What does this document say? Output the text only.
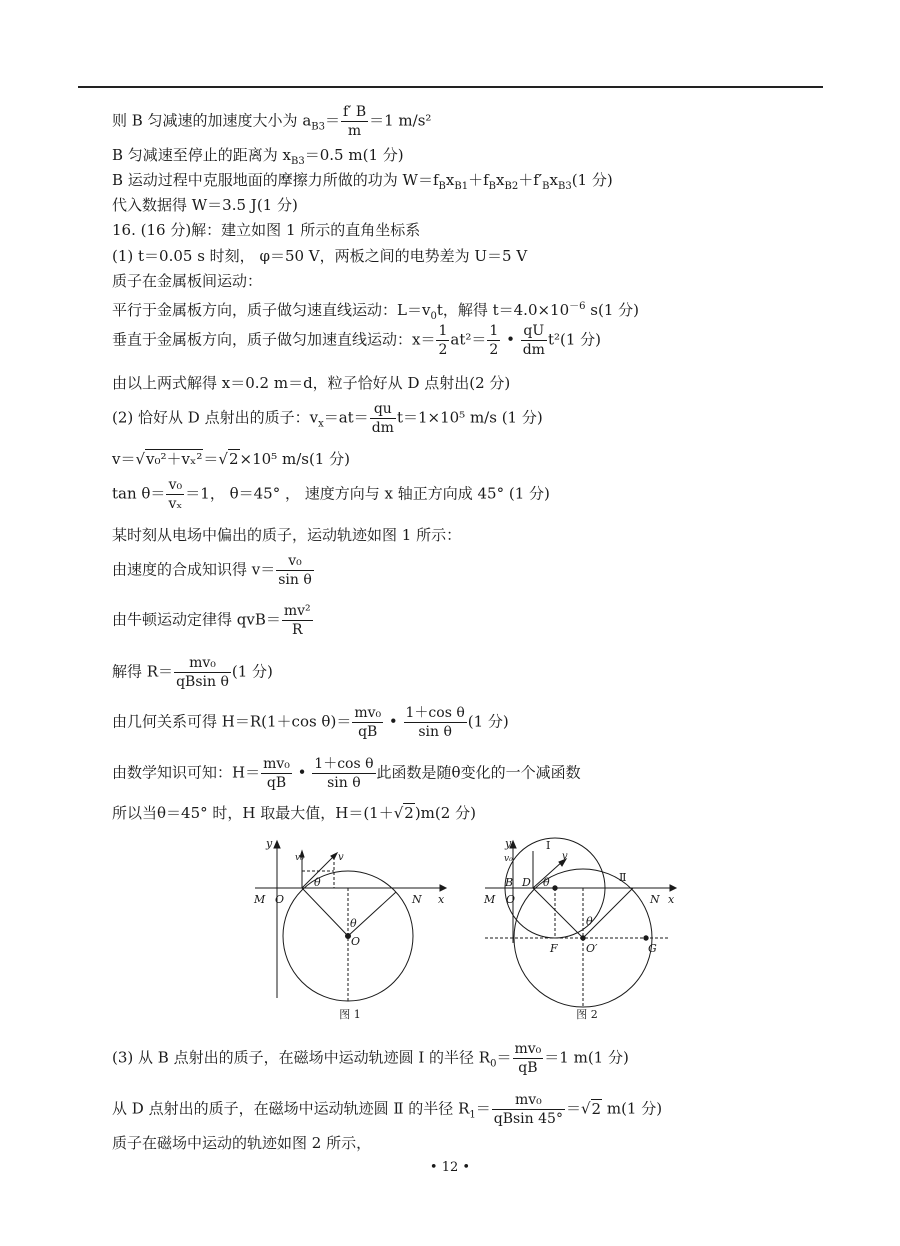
则 B 匀减速的加速度大小为 $a_{B3}= \frac{f' B}{m} =1$ m/s²
B 匀减速至停止的距离为 $x_{B3}=0.5$ m(1 分)
B 运动过程中克服地面的摩擦力所做的功为 $W=f_Bx_{B1}+f_Bx_{B2}+f'_Bx_{B3}(1$ 分)
代入数据得 W＝3.5 J(1 分)
16. (16 分)解：建立如图 1 所示的直角坐标系
(1) t＝0.05 s 时刻， φ＝50 V，两板之间的电势差为 U＝5 V
质子在金属板间运动：
平行于金属板方向，质子做匀速直线运动：$L=v_0t$，解得 $t=4.0\times 10^{-6}$ s(1 分)
垂直于金属板方向，质子做匀加速直线运动：$x= \frac{1}{2} at^2= \frac{1}{2}$ • $\frac{qU}{dm} t^2(1$ 分)
由以上两式解得 x＝0.2 m＝d，粒子恰好从 D 点射出(2 分)
(2) 恰好从 D 点射出的质子：$v_x=at= \frac{qu}{dm} t=1\times 10^5$ m/s (1 分)
v＝√v₀²＋vₓ²＝√2×10⁵ m/s(1 分)
$\tan \theta= \frac{\text{v₀}}{\text{vₓ}} =1$， θ＝45° ， 速度方向与 x 轴正方向成 45° (1 分)
某时刻从电场中偏出的质子，运动轨迹如图 1 所示：
由速度的合成知识得 $v= \frac{\text{v₀}}{\text{sin θ}}$
由牛顿运动定律得 $qvB= \frac{\text{mv²}}{R}$
解得 $R= \frac{\text{mv₀}}{\text{qBsin θ}} (1$ 分)
由几何关系可得 H＝R(1＋cos $\theta)= \frac{\text{mv₀}}{qB}$ • $\frac{\text{1＋cos θ}}{\text{sin θ}} (1$ 分)
由数学知识可知：$H= \frac{\text{mv₀}}{qB}$ • $\frac{\text{1＋cos θ}}{\text{sin θ}}$ 此函数是随θ变化的一个减函数
所以当θ＝45° 时，H 取最大值，H＝(1＋√2)m(2 分)
y
x
M O	N
v₀	v
θ
θ
O
图 1
y
x
M O	N
B D
v₀	v
Ⅰ
Ⅱ
θ
θ
F	O′	G
图 2
(3) 从 B 点射出的质子，在磁场中运动轨迹圆 Ⅰ 的半径 $R_0= \frac{\text{mv₀}}{qB} =1$ m(1 分)
从 D 点射出的质子，在磁场中运动轨迹圆 Ⅱ 的半径 $R_1= \frac{\text{mv₀}}{qBsin 45^\circ} =√2$ m(1 分)
质子在磁场中运动的轨迹如图 2 所示，
• 12 •
